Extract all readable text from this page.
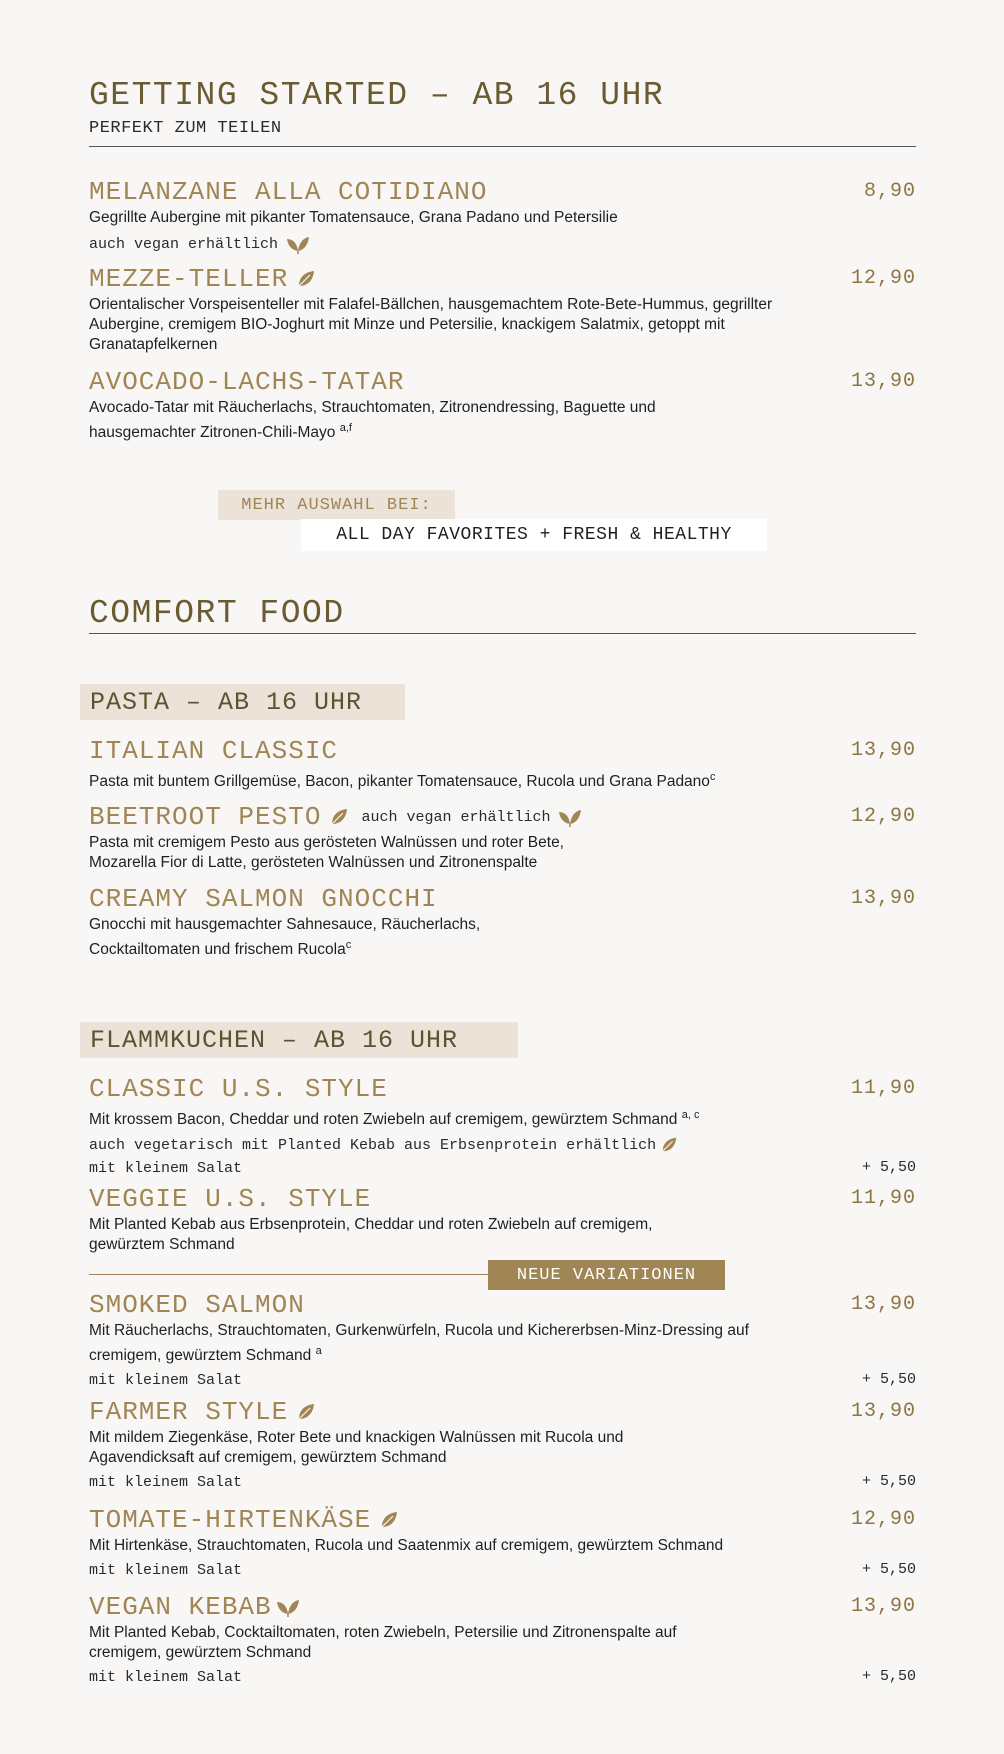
GETTING STARTED – AB 16 UHR
PERFEKT ZUM TEILEN
MELANZANE ALLA COTIDIANO	8,90
Gegrillte Aubergine mit pikanter Tomatensauce, Grana Padano und Petersilie
auch vegan erhältlich
MEZZE-TELLER	12,90
Orientalischer Vorspeisenteller mit Falafel-Bällchen, hausgemachtem Rote-Bete-Hummus, gegrillter Aubergine, cremigem BIO-Joghurt mit Minze und Petersilie, knackigem Salatmix, getoppt mit Granatapfelkernen
AVOCADO-LACHS-TATAR	13,90
Avocado-Tatar mit Räucherlachs, Strauchtomaten, Zitronendressing, Baguette und hausgemachter Zitronen-Chili-Mayo $^{a,f}$
MEHR AUSWAHL BEI:
ALL DAY FAVORITES + FRESH & HEALTHY
COMFORT FOOD
PASTA – AB 16 UHR
ITALIAN CLASSIC	13,90
Pasta mit buntem Grillgemüse, Bacon, pikanter Tomatensauce, Rucola und Grana Padano$^c$
BEETROOT PESTO	auch vegan erhältlich	12,90
Pasta mit cremigem Pesto aus gerösteten Walnüssen und roter Bete, Mozarella Fior di Latte, gerösteten Walnüssen und Zitronenspalte
CREAMY SALMON GNOCCHI	13,90
Gnocchi mit hausgemachter Sahnesauce, Räucherlachs, Cocktailtomaten und frischem Rucola$^c$
FLAMMKUCHEN – AB 16 UHR
CLASSIC U.S. STYLE	11,90
Mit krossem Bacon, Cheddar und roten Zwiebeln auf cremigem, gewürztem Schmand $^{a, c}$
auch vegetarisch mit Planted Kebab aus Erbsenprotein erhältlich
mit kleinem Salat	+ 5,50
VEGGIE U.S. STYLE	11,90
Mit Planted Kebab aus Erbsenprotein, Cheddar und roten Zwiebeln auf cremigem, gewürztem Schmand
NEUE VARIATIONEN
SMOKED SALMON	13,90
Mit Räucherlachs, Strauchtomaten, Gurkenwürfeln, Rucola und Kichererbsen-Minz-Dressing auf cremigem, gewürztem Schmand $^a$
mit kleinem Salat	+ 5,50
FARMER STYLE	13,90
Mit mildem Ziegenkäse, Roter Bete und knackigen Walnüssen mit Rucola und Agavendicksaft auf cremigem, gewürztem Schmand
mit kleinem Salat	+ 5,50
TOMATE-HIRTENKÄSE	12,90
Mit Hirtenkäse, Strauchtomaten, Rucola und Saatenmix auf cremigem, gewürztem Schmand
mit kleinem Salat	+ 5,50
VEGAN KEBAB	13,90
Mit Planted Kebab, Cocktailtomaten, roten Zwiebeln, Petersilie und Zitronenspalte auf cremigem, gewürztem Schmand
mit kleinem Salat	+ 5,50
